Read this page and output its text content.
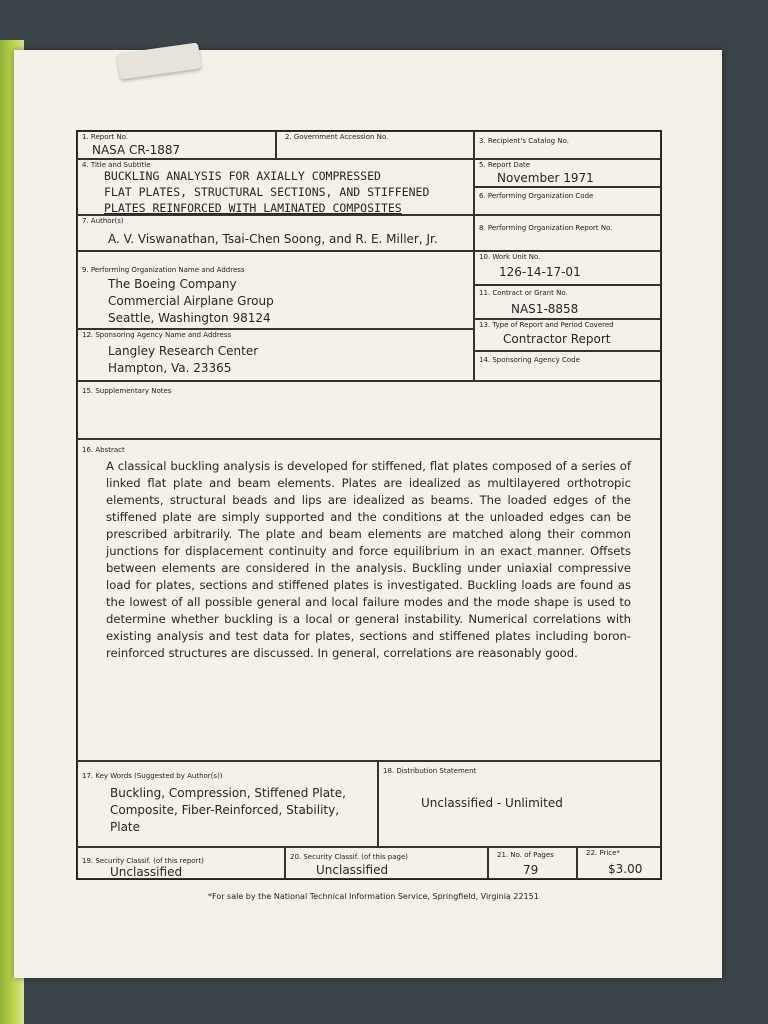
1. Report No.
NASA CR-1887
2. Government Accession No.	3. Recipient's Catalog No.
4. Title and Subtitle
BUCKLING ANALYSIS FOR AXIALLY COMPRESSED
FLAT PLATES, STRUCTURAL SECTIONS, AND STIFFENED
PLATES REINFORCED WITH LAMINATED COMPOSITES
5. Report Date
November 1971
6. Performing Organization Code
7. Author(s)
A. V. Viswanathan, Tsai-Chen Soong, and R. E. Miller, Jr.
8. Performing Organization Report No.
9. Performing Organization Name and Address
The Boeing Company
Commercial Airplane Group
Seattle, Washington 98124
10. Work Unit No.
126-14-17-01
11. Contract or Grant No.
NAS1-8858
12. Sponsoring Agency Name and Address
Langley Research Center
Hampton, Va. 23365
13. Type of Report and Period Covered
Contractor Report
14. Sponsoring Agency Code
15. Supplementary Notes
16. Abstract
A classical buckling analysis is developed for stiffened, flat plates composed of a series of linked flat plate and beam elements. Plates are idealized as multilayered orthotropic elements, structural beads and lips are idealized as beams. The loaded edges of the stiffened plate are simply supported and the conditions at the unloaded edges can be prescribed arbitrarily. The plate and beam elements are matched along their common junctions for displacement continuity and force equilibrium in an exact manner. Offsets between elements are considered in the analysis. Buckling under uniaxial compressive load for plates, sections and stiffened plates is investigated. Buckling loads are found as the lowest of all possible general and local failure modes and the mode shape is used to determine whether buckling is a local or general instability. Numerical correlations with existing analysis and test data for plates, sections and stiffened plates including boron-reinforced structures are discussed. In general, correlations are reasonably good.
17. Key Words (Suggested by Author(s))
Buckling, Compression, Stiffened Plate,
Composite, Fiber-Reinforced, Stability,
Plate
18. Distribution Statement
Unclassified - Unlimited
19. Security Classif. (of this report)
Unclassified
20. Security Classif. (of this page)
Unclassified
21. No. of Pages
79
22. Price*
$3.00
*For sale by the National Technical Information Service, Springfield, Virginia 22151
